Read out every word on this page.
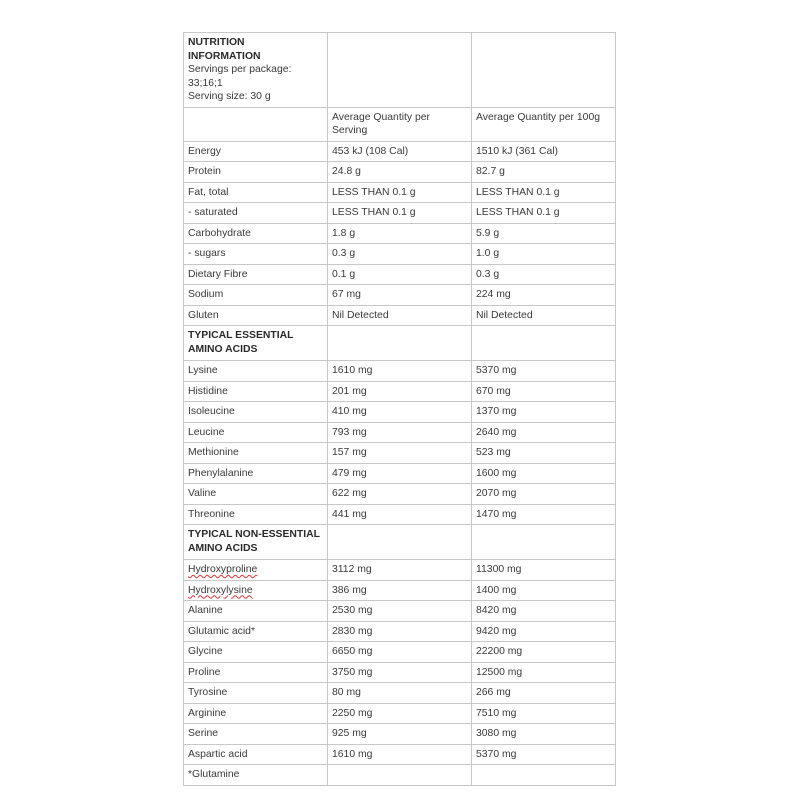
NUTRITION
INFORMATION
Servings per package:
33;16;1
Serving size: 30 g		

	Average Quantity per Serving	Average Quantity per 100g
Energy	453 kJ (108 Cal)	1510 kJ (361 Cal)
Protein	24.8 g	82.7 g
Fat, total	LESS THAN 0.1 g	LESS THAN 0.1 g
- saturated	LESS THAN 0.1 g	LESS THAN 0.1 g
Carbohydrate	1.8 g	5.9 g
- sugars	0.3 g	1.0 g
Dietary Fibre	0.1 g	0.3 g
Sodium	67 mg	224 mg
Gluten	Nil Detected	Nil Detected

TYPICAL ESSENTIAL
AMINO ACIDS		

Lysine	1610 mg	5370 mg
Histidine	201 mg	670 mg
Isoleucine	410 mg	1370 mg
Leucine	793 mg	2640 mg
Methionine	157 mg	523 mg
Phenylalanine	479 mg	1600 mg
Valine	622 mg	2070 mg
Threonine	441 mg	1470 mg

TYPICAL NON-ESSENTIAL
AMINO ACIDS		

Hydroxyproline	3112 mg	11300 mg
Hydroxylysine	386 mg	1400 mg
Alanine	2530 mg	8420 mg
Glutamic acid*	2830 mg	9420 mg
Glycine	6650 mg	22200 mg
Proline	3750 mg	12500 mg
Tyrosine	80 mg	266 mg
Arginine	2250 mg	7510 mg
Serine	925 mg	3080 mg
Aspartic acid	1610 mg	5370 mg
*Glutamine		
